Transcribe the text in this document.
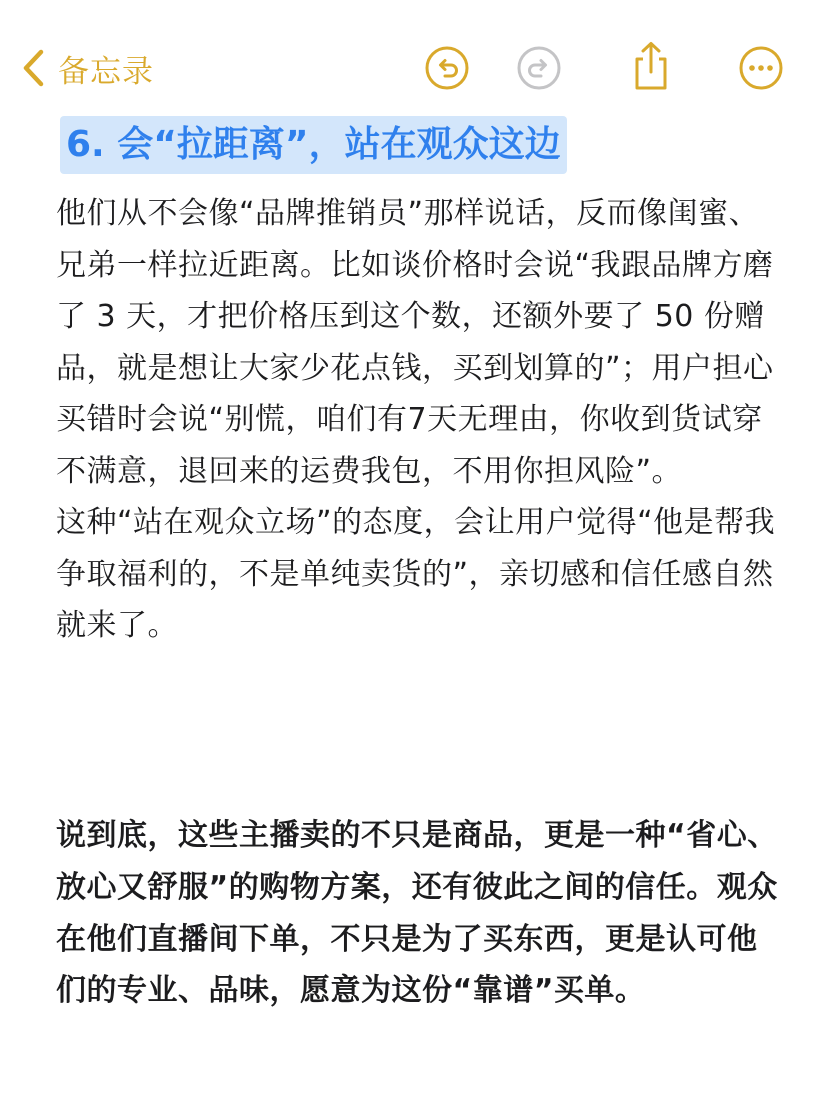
备忘录
6. 会“拉距离”，站在观众这边

他们从不会像“品牌推销员”那样说话，反而像闺蜜、兄弟一样拉近距离。比如谈价格时会说“我跟品牌方磨了 3 天，才把价格压到这个数，还额外要了 50 份赠品，就是想让大家少花点钱，买到划算的”；用户担心买错时会说“别慌，咱们有7天无理由，你收到货试穿不满意，退回来的运费我包，不用你担风险”。

这种“站在观众立场”的态度，会让用户觉得“他是帮我争取福利的，不是单纯卖货的”，亲切感和信任感自然就来了。

说到底，这些主播卖的不只是商品，更是一种“省心、放心又舒服”的购物方案，还有彼此之间的信任。观众在他们直播间下单，不只是为了买东西，更是认可他们的专业、品味，愿意为这份“靠谱”买单。
